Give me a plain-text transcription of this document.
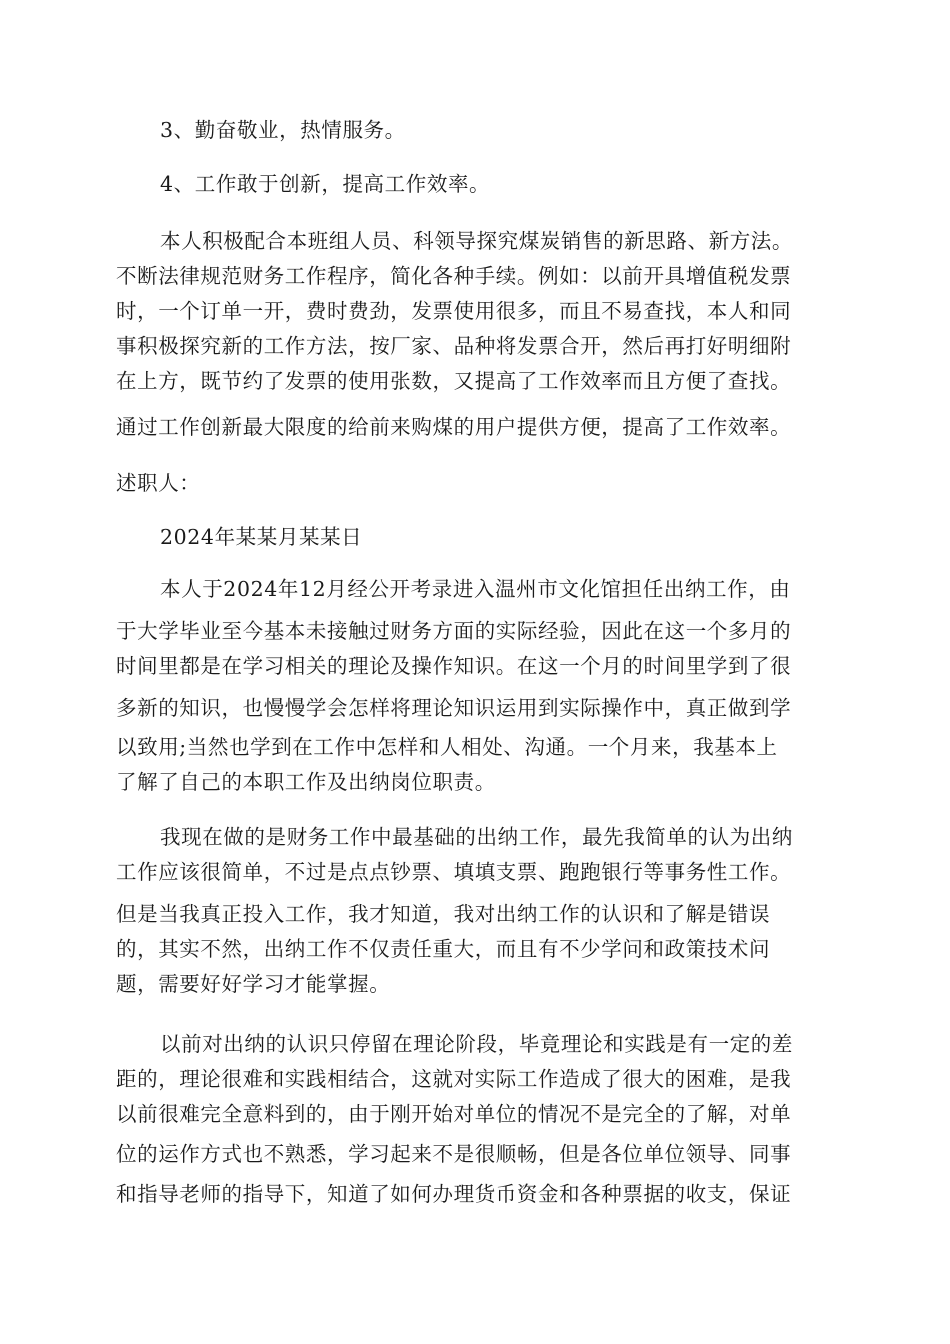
3、勤奋敬业，热情服务。
4、工作敢于创新，提高工作效率。
本人积极配合本班组人员、科领导探究煤炭销售的新思路、新方法。
不断法律规范财务工作程序，简化各种手续。例如：以前开具增值税发票
时，一个订单一开，费时费劲，发票使用很多，而且不易查找，本人和同
事积极探究新的工作方法，按厂家、品种将发票合开，然后再打好明细附
在上方，既节约了发票的使用张数，又提高了工作效率而且方便了查找。
通过工作创新最大限度的给前来购煤的用户提供方便，提高了工作效率。
述职人：
2024年某某月某某日
本人于2024年12月经公开考录进入温州市文化馆担任出纳工作，由
于大学毕业至今基本未接触过财务方面的实际经验，因此在这一个多月的
时间里都是在学习相关的理论及操作知识。在这一个月的时间里学到了很
多新的知识，也慢慢学会怎样将理论知识运用到实际操作中，真正做到学
以致用;当然也学到在工作中怎样和人相处、沟通。一个月来，我基本上
了解了自己的本职工作及出纳岗位职责。
我现在做的是财务工作中最基础的出纳工作，最先我简单的认为出纳
工作应该很简单，不过是点点钞票、填填支票、跑跑银行等事务性工作。
但是当我真正投入工作，我才知道，我对出纳工作的认识和了解是错误
的，其实不然，出纳工作不仅责任重大，而且有不少学问和政策技术问
题，需要好好学习才能掌握。
以前对出纳的认识只停留在理论阶段，毕竟理论和实践是有一定的差
距的，理论很难和实践相结合，这就对实际工作造成了很大的困难，是我
以前很难完全意料到的，由于刚开始对单位的情况不是完全的了解，对单
位的运作方式也不熟悉，学习起来不是很顺畅，但是各位单位领导、同事
和指导老师的指导下，知道了如何办理货币资金和各种票据的收支，保证
